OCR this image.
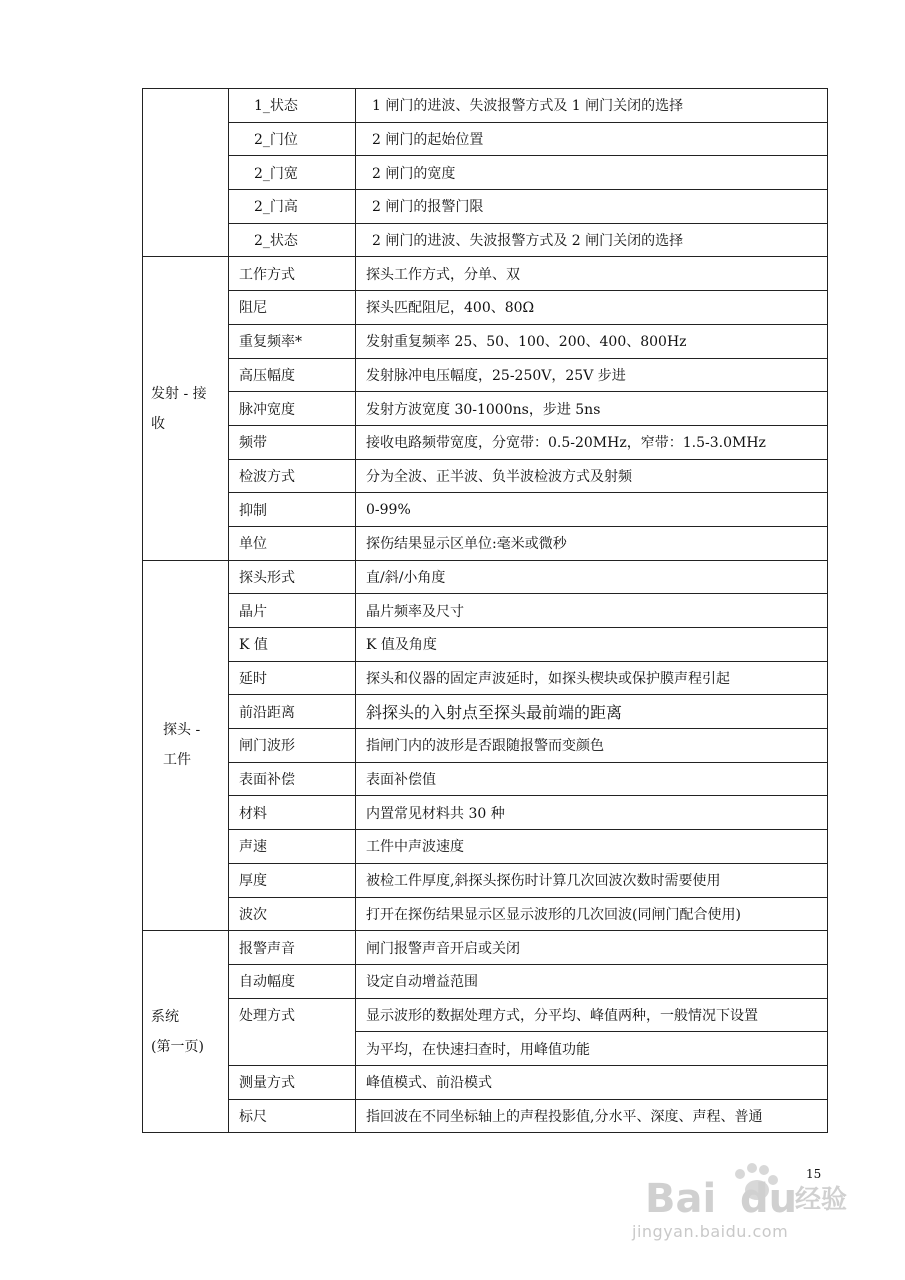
	1_状态	1 闸门的进波、失波报警方式及 1 闸门关闭的选择
	2_门位	2 闸门的起始位置
	2_门宽	2 闸门的宽度
	2_门高	2 闸门的报警门限
	2_状态	2 闸门的进波、失波报警方式及 2 闸门关闭的选择

发射 - 接
收	工作方式	探头工作方式，分单、双
	阻尼	探头匹配阻尼，400、80Ω
	重复频率*	发射重复频率 25、50、100、200、400、800Hz
	高压幅度	发射脉冲电压幅度，25-250V，25V 步进
	脉冲宽度	发射方波宽度 30-1000ns，步进 5ns
	频带	接收电路频带宽度，分宽带：0.5-20MHz，窄带：1.5-3.0MHz
	检波方式	分为全波、正半波、负半波检波方式及射频
	抑制	0-99%
	单位	探伤结果显示区单位:毫米或微秒

探头 -
工件	探头形式	直/斜/小角度
	晶片	晶片频率及尺寸
	K 值	K 值及角度
	延时	探头和仪器的固定声波延时，如探头楔块或保护膜声程引起
	前沿距离	斜探头的入射点至探头最前端的距离
	闸门波形	指闸门内的波形是否跟随报警而变颜色
	表面补偿	表面补偿值
	材料	内置常见材料共 30 种
	声速	工件中声波速度
	厚度	被检工件厚度,斜探头探伤时计算几次回波次数时需要使用
	波次	打开在探伤结果显示区显示波形的几次回波(同闸门配合使用)

系统
(第一页)	报警声音	闸门报警声音开启或关闭
	自动幅度	设定自动增益范围
	处理方式	显示波形的数据处理方式，分平均、峰值两种，一般情况下设置
		为平均，在快速扫查时，用峰值功能
	测量方式	峰值模式、前沿模式
	标尺	指回波在不同坐标轴上的声程投影值,分水平、深度、声程、普通
15
Bai du
经验
jingyan.baidu.com
